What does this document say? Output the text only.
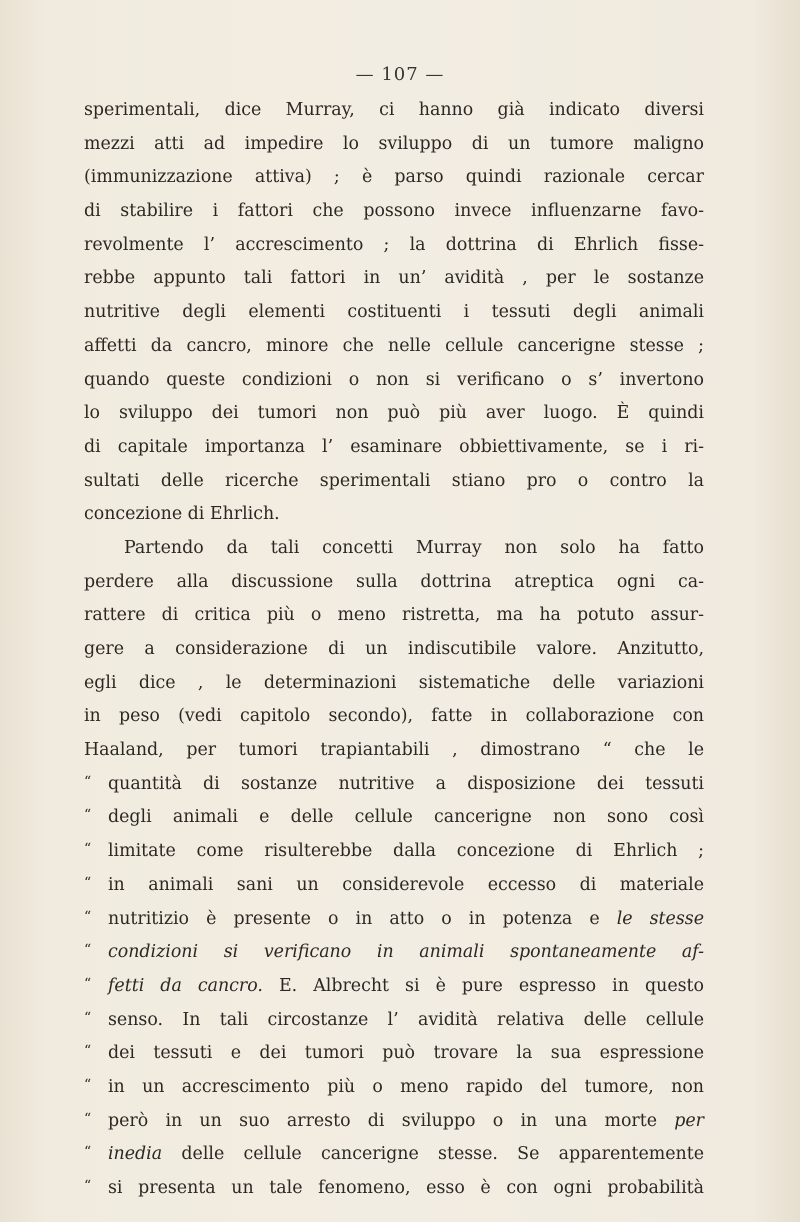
— 107 —
sperimentali, dice Murray, ci hanno già indicato diversi
mezzi atti ad impedire lo sviluppo di un tumore maligno
(immunizzazione attiva) ; è parso quindi razionale cercar
di stabilire i fattori che possono invece influenzarne favo-
revolmente l’ accrescimento ; la dottrina di Ehrlich fisse-
rebbe appunto tali fattori in un’ avidità , per le sostanze
nutritive degli elementi costituenti i tessuti degli animali
affetti da cancro, minore che nelle cellule cancerigne stesse ;
quando queste condizioni o non si verificano o s’ invertono
lo sviluppo dei tumori non può più aver luogo. È quindi
di capitale importanza l’ esaminare obbiettivamente, se i ri-
sultati delle ricerche sperimentali stiano pro o contro la
concezione di Ehrlich.
Partendo da tali concetti Murray non solo ha fatto
perdere alla discussione sulla dottrina atreptica ogni ca-
rattere di critica più o meno ristretta, ma ha potuto assur-
gere a considerazione di un indiscutibile valore. Anzitutto,
egli dice , le determinazioni sistematiche delle variazioni
in peso (vedi capitolo secondo), fatte in collaborazione con
Haaland, per tumori trapiantabili , dimostrano “ che le
“ quantità di sostanze nutritive a disposizione dei tessuti
“ degli animali e delle cellule cancerigne non sono così
“ limitate come risulterebbe dalla concezione di Ehrlich ;
“ in animali sani un considerevole eccesso di materiale
“ nutritizio è presente o in atto o in potenza e le stesse
“ condizioni si verificano in animali spontaneamente af-
“ fetti da cancro. E. Albrecht si è pure espresso in questo
“ senso. In tali circostanze l’ avidità relativa delle cellule
“ dei tessuti e dei tumori può trovare la sua espressione
“ in un accrescimento più o meno rapido del tumore, non
“ però in un suo arresto di sviluppo o in una morte per
“ inedia delle cellule cancerigne stesse. Se apparentemente
“ si presenta un tale fenomeno, esso è con ogni probabilità
